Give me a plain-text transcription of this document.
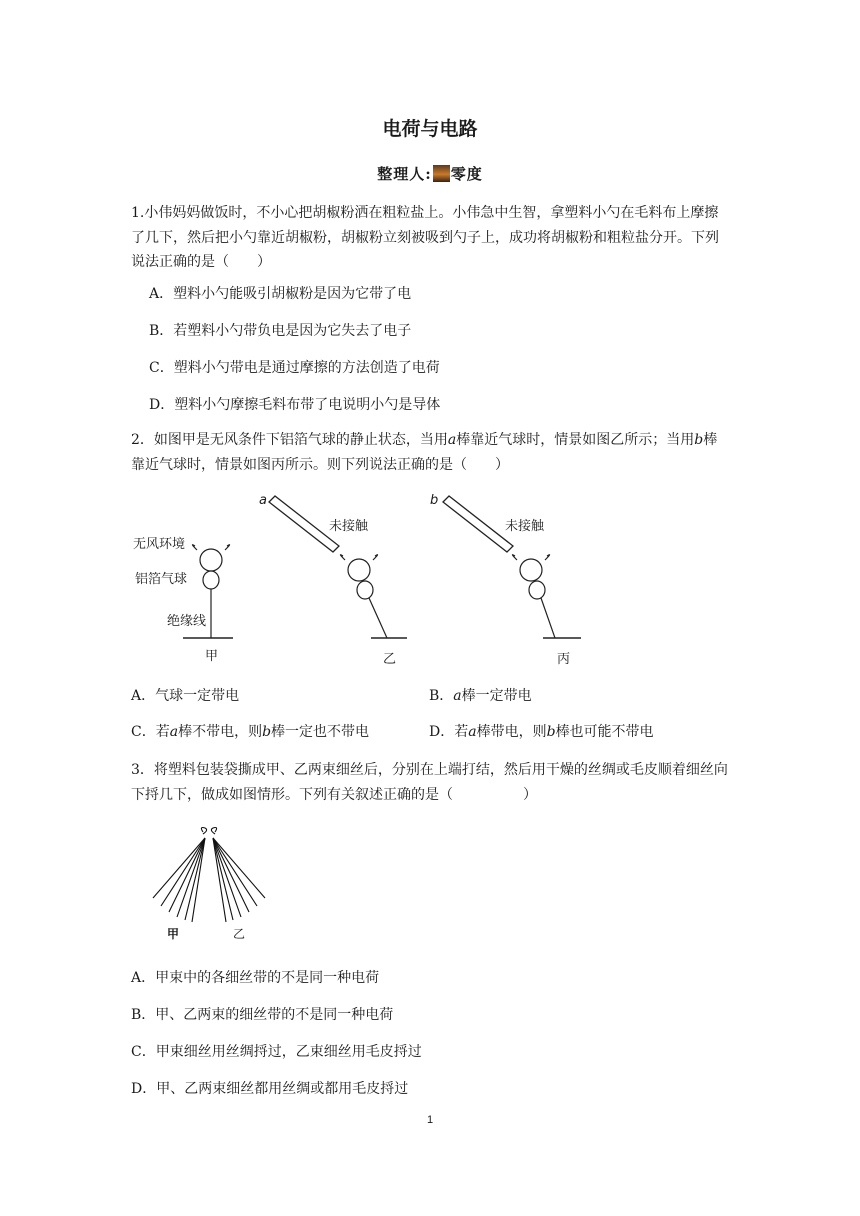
电荷与电路
整理人: 零度
1.小伟妈妈做饭时，不小心把胡椒粉洒在粗粒盐上。小伟急中生智，拿塑料小勺在毛料布上摩擦了几下，然后把小勺靠近胡椒粉，胡椒粉立刻被吸到勺子上，成功将胡椒粉和粗粒盐分开。下列说法正确的是（　　）
A．塑料小勺能吸引胡椒粉是因为它带了电
B．若塑料小勺带负电是因为它失去了电子
C．塑料小勺带电是通过摩擦的方法创造了电荷
D．塑料小勺摩擦毛料布带了电说明小勺是导体
2．如图甲是无风条件下铝箔气球的静止状态，当用a棒靠近气球时，情景如图乙所示；当用b棒靠近气球时，情景如图丙所示。则下列说法正确的是（　　）
无风环境
铝箔气球
绝缘线
甲
a
未接触
乙
b
未接触
丙
A．气球一定带电	B．a棒一定带电
C．若a棒不带电，则b棒一定也不带电	D．若a棒带电，则b棒也可能不带电
3．将塑料包装袋撕成甲、乙两束细丝后，分别在上端打结，然后用干燥的丝绸或毛皮顺着细丝向下捋几下，做成如图情形。下列有关叙述正确的是（　　　　　）
甲	乙
A．甲束中的各细丝带的不是同一种电荷
B．甲、乙两束的细丝带的不是同一种电荷
C．甲束细丝用丝绸捋过，乙束细丝用毛皮捋过
D．甲、乙两束细丝都用丝绸或都用毛皮捋过
1
